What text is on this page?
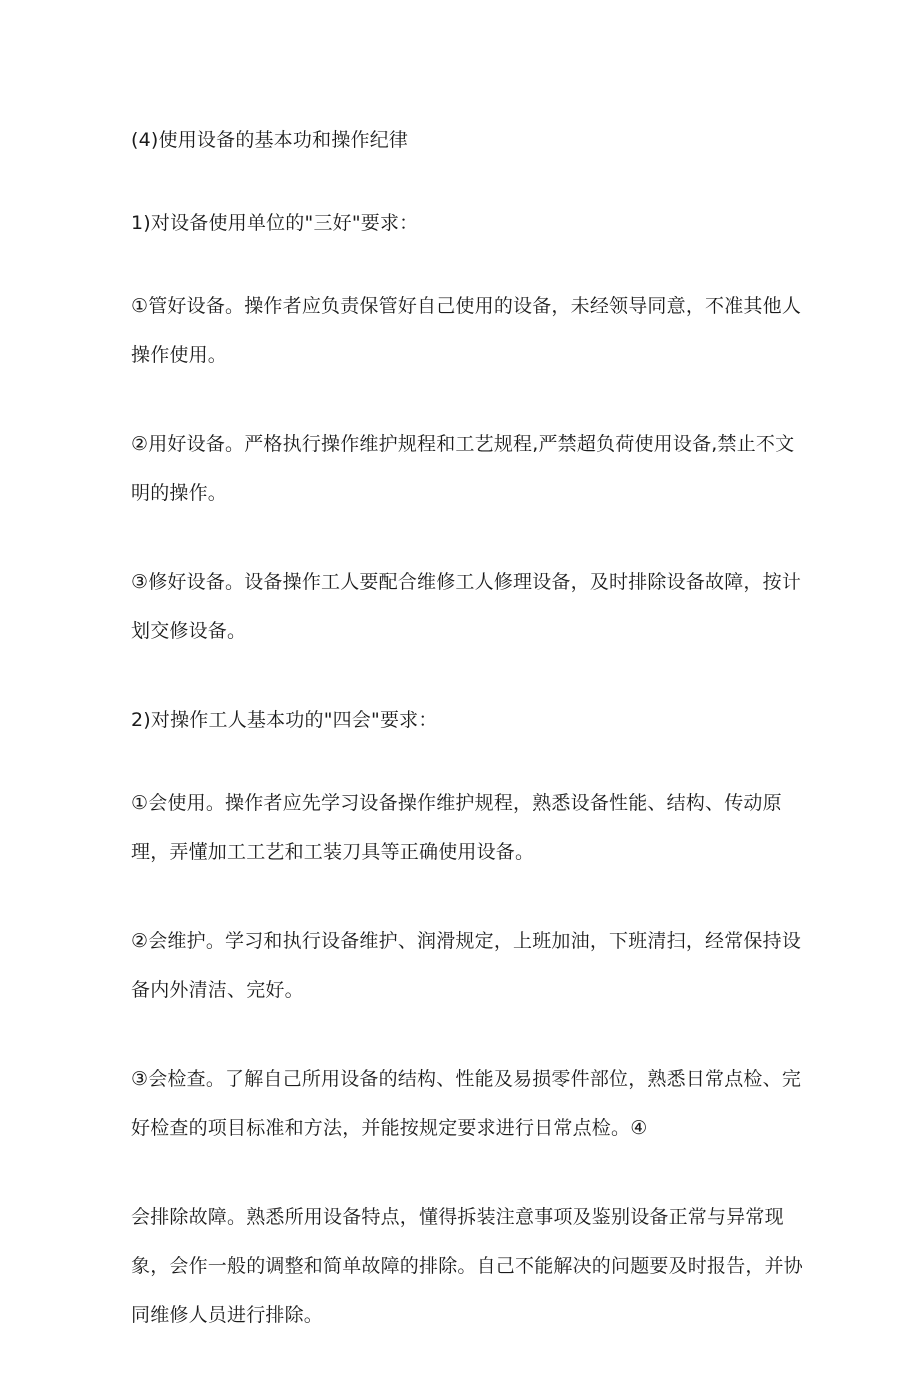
(4)使用设备的基本功和操作纪律

1)对设备使用单位的"三好"要求：

①管好设备。操作者应负责保管好自己使用的设备，未经领导同意，不准其他人操作使用。

②用好设备。严格执行操作维护规程和工艺规程,严禁超负荷使用设备,禁止不文明的操作。

③修好设备。设备操作工人要配合维修工人修理设备，及时排除设备故障，按计划交修设备。

2)对操作工人基本功的"四会"要求：

①会使用。操作者应先学习设备操作维护规程，熟悉设备性能、结构、传动原理，弄懂加工工艺和工装刀具等正确使用设备。

②会维护。学习和执行设备维护、润滑规定，上班加油，下班清扫，经常保持设备内外清洁、完好。

③会检查。了解自己所用设备的结构、性能及易损零件部位，熟悉日常点检、完好检查的项目标准和方法，并能按规定要求进行日常点检。④

会排除故障。熟悉所用设备特点，懂得拆装注意事项及鉴别设备正常与异常现象，会作一般的调整和简单故障的排除。自己不能解决的问题要及时报告，并协同维修人员进行排除。
